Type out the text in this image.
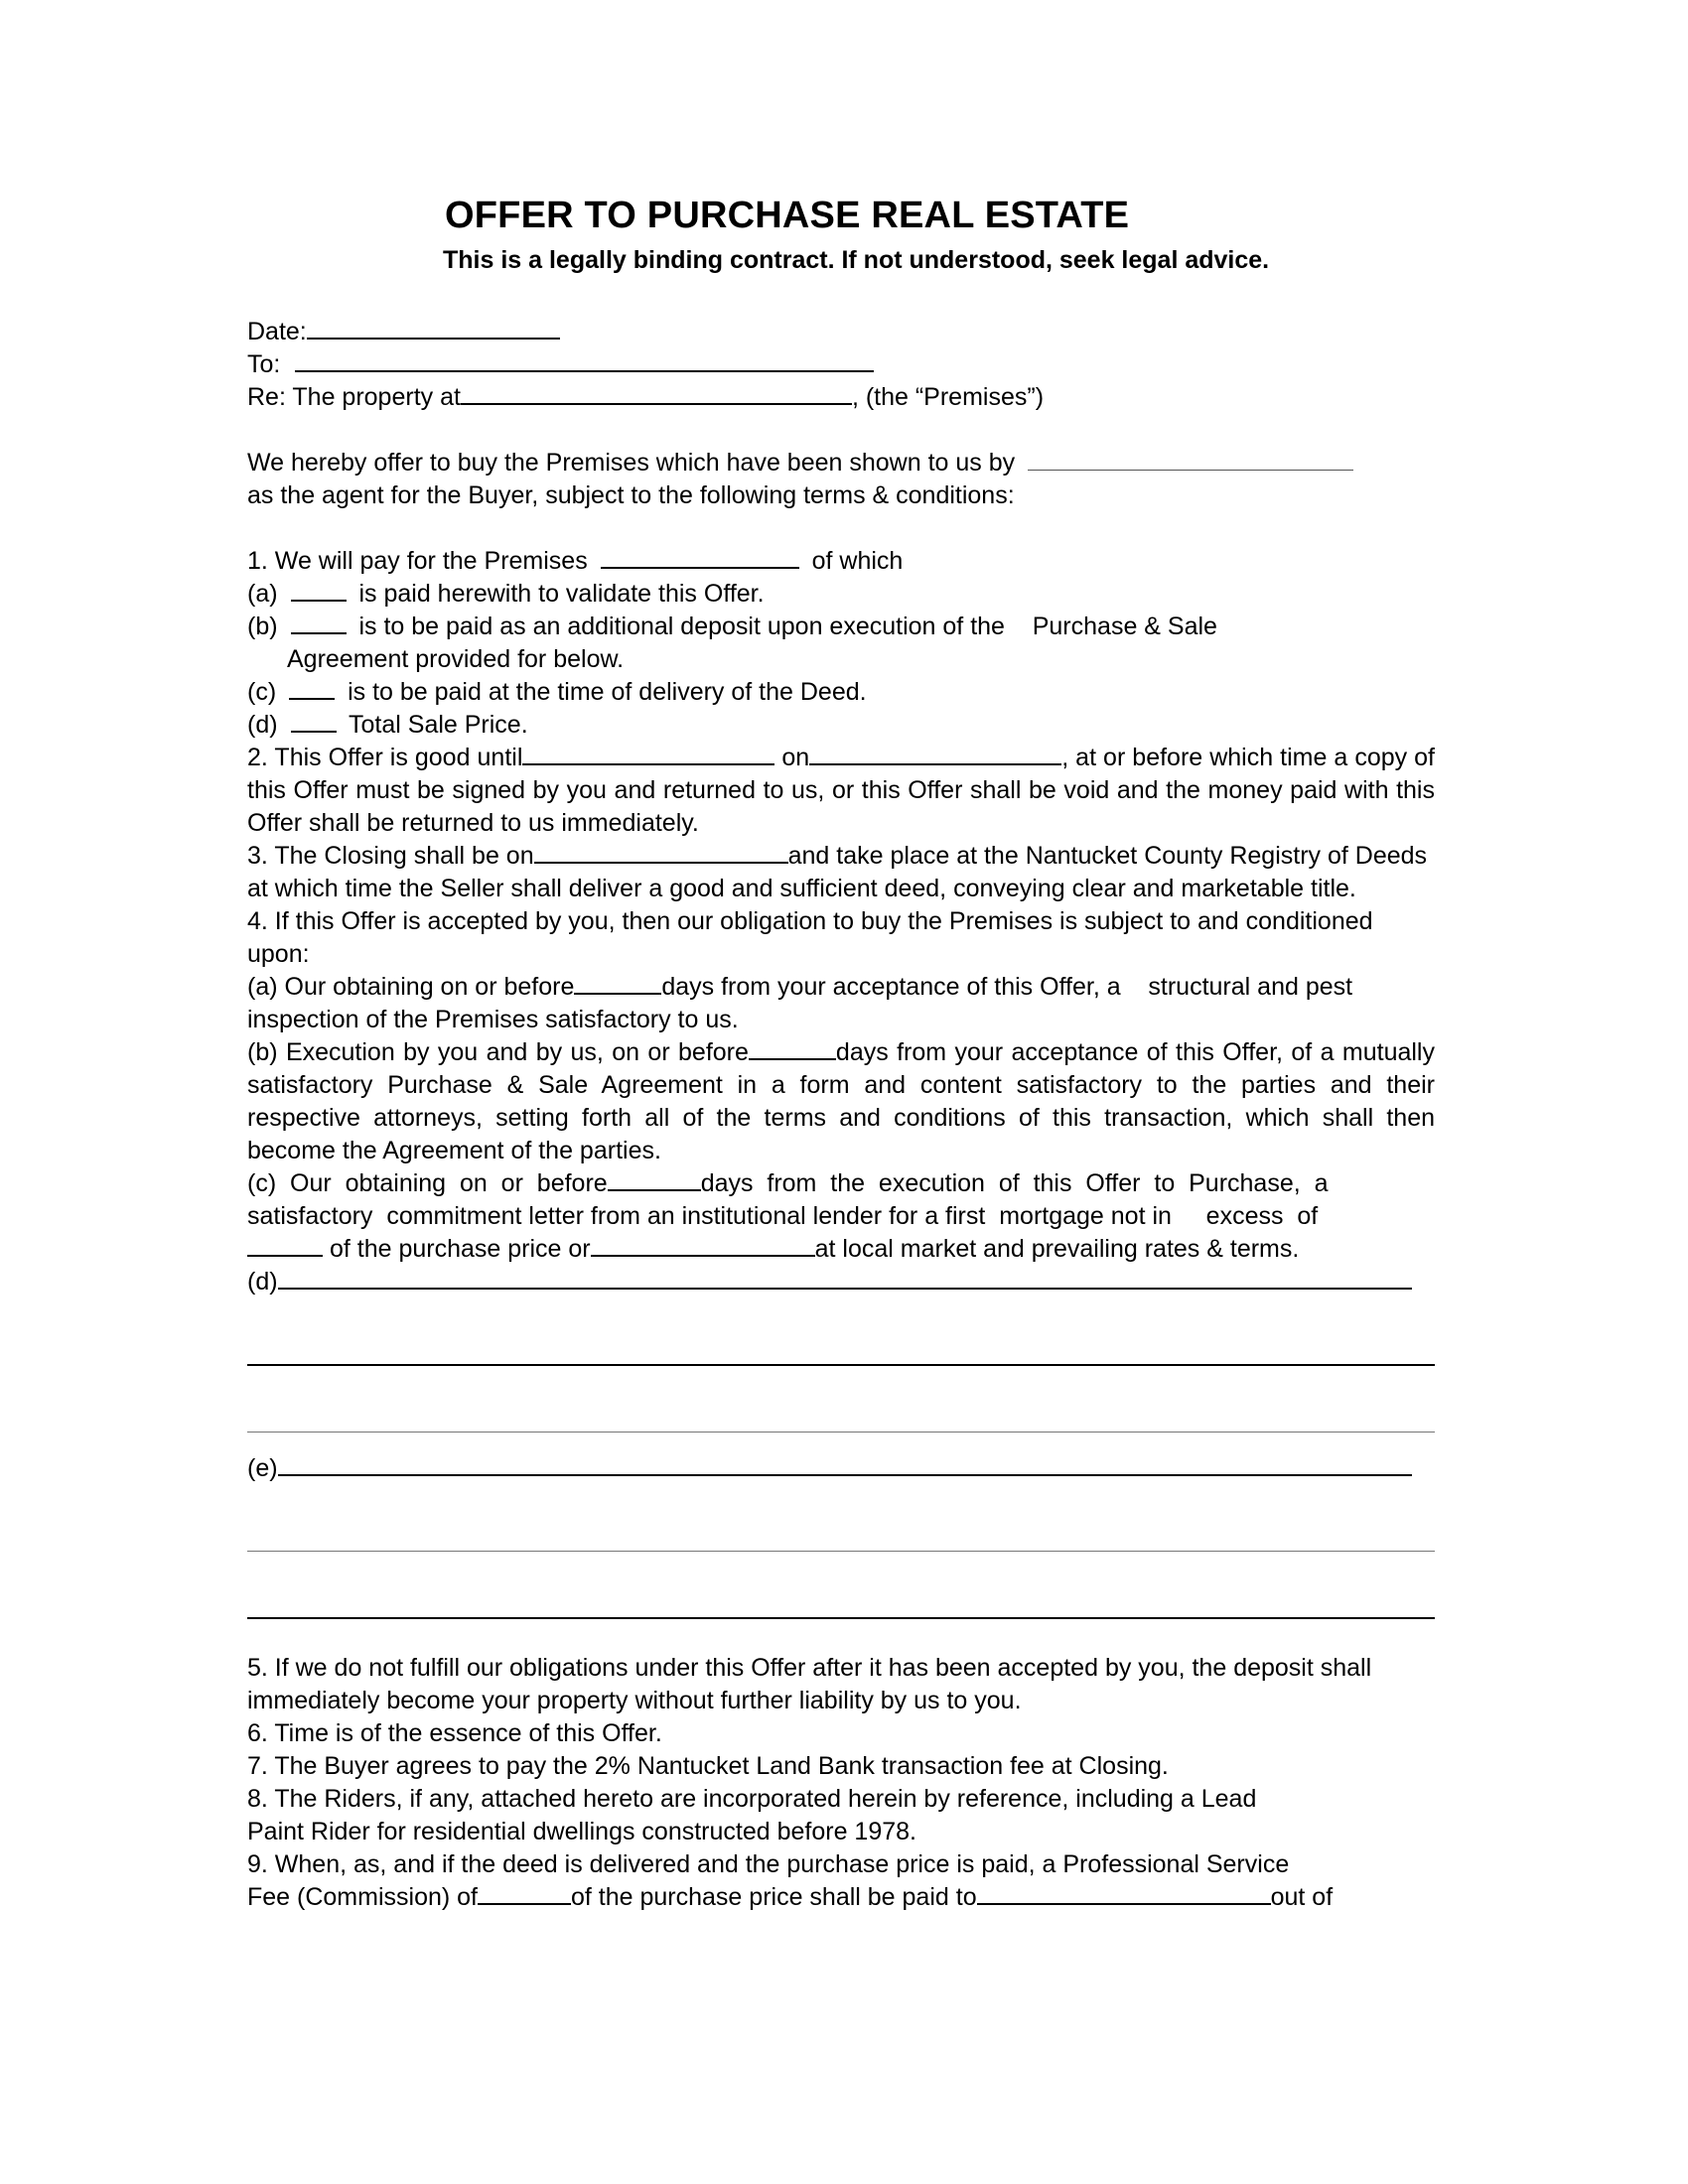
OFFER TO PURCHASE REAL ESTATE
This is a legally binding contract. If not understood, seek legal advice.
Date:
To:
Re: The property at	, (the “Premises”)
We hereby offer to buy the Premises which have been shown to us by
as the agent for the Buyer, subject to the following terms & conditions:
1. We will pay for the Premises	of which
(a)	is paid herewith to validate this Offer.
(b)	is to be paid as an additional deposit upon execution of the    Purchase & Sale
Agreement provided for below.
(c)	is to be paid at the time of delivery of the Deed.
(d)	Total Sale Price.
2. This Offer is good until	on	, at or before which time a copy of this Offer must be signed by you and returned to us, or this Offer shall be void and the money paid with this Offer shall be returned to us immediately.
3. The Closing shall be on	and take place at the Nantucket County Registry of Deeds at which time the Seller shall deliver a good and sufficient deed, conveying clear and marketable title.
4. If this Offer is accepted by you, then our obligation to buy the Premises is subject to and conditioned upon:
(a) Our obtaining on or before	days from your acceptance of this Offer, a    structural and pest inspection of the Premises satisfactory to us.
(b) Execution by you and by us, on or before	days from your acceptance of this Offer, of a mutually satisfactory Purchase & Sale Agreement in a form and content satisfactory to the parties and their respective attorneys, setting forth all of the terms and conditions of this transaction, which shall then become the Agreement of the parties.
(c)  Our  obtaining  on  or  before	days  from  the  execution  of  this  Offer  to  Purchase,  a satisfactory  commitment letter from an institutional lender for a first  mortgage not in     excess  of
of the purchase price or	at local market and prevailing rates & terms.
(d)
(e)
5. If we do not fulfill our obligations under this Offer after it has been accepted by you, the deposit shall immediately become your property without further liability by us to you.
6. Time is of the essence of this Offer.
7. The Buyer agrees to pay the 2% Nantucket Land Bank transaction fee at Closing.
8. The Riders, if any, attached hereto are incorporated herein by reference, including a Lead
Paint Rider for residential dwellings constructed before 1978.
9. When, as, and if the deed is delivered and the purchase price is paid, a Professional Service
Fee (Commission) of	of the purchase price shall be paid to	out of
